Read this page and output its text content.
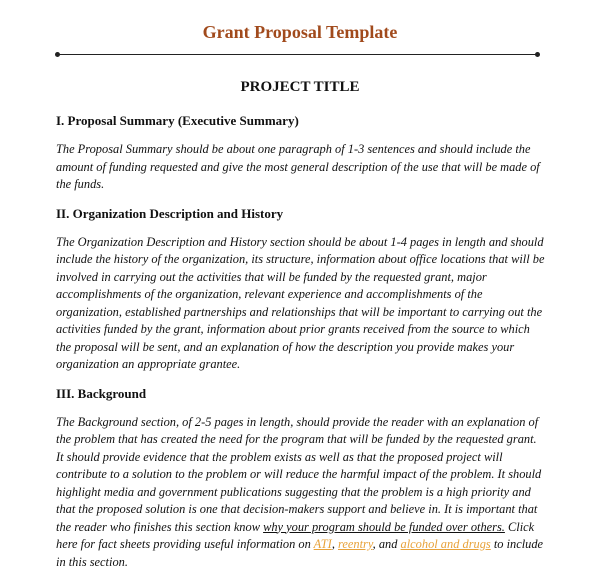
Grant Proposal Template
PROJECT TITLE
I. Proposal Summary (Executive Summary)

The Proposal Summary should be about one paragraph of 1-3 sentences and should include the amount of funding requested and give the most general description of the use that will be made of the funds.

II. Organization Description and History

The Organization Description and History section should be about 1-4 pages in length and should include the history of the organization, its structure, information about office locations that will be involved in carrying out the activities that will be funded by the requested grant, major accomplishments of the organization, relevant experience and accomplishments of the organization, established partnerships and relationships that will be important to carrying out the activities funded by the grant, information about prior grants received from the source to which the proposal will be sent, and an explanation of how the description you provide makes your organization an appropriate grantee.

III. Background

The Background section, of 2-5 pages in length, should provide the reader with an explanation of the problem that has created the need for the program that will be funded by the requested grant. It should provide evidence that the problem exists as well as that the proposed project will contribute to a solution to the problem or will reduce the harmful impact of the problem. It should highlight media and government publications suggesting that the problem is a high priority and that the proposed solution is one that decision-makers support and believe in. It is important that the reader who finishes this section know why your program should be funded over others. Click here for fact sheets providing useful information on ATI, reentry, and alcohol and drugs to include in this section.
